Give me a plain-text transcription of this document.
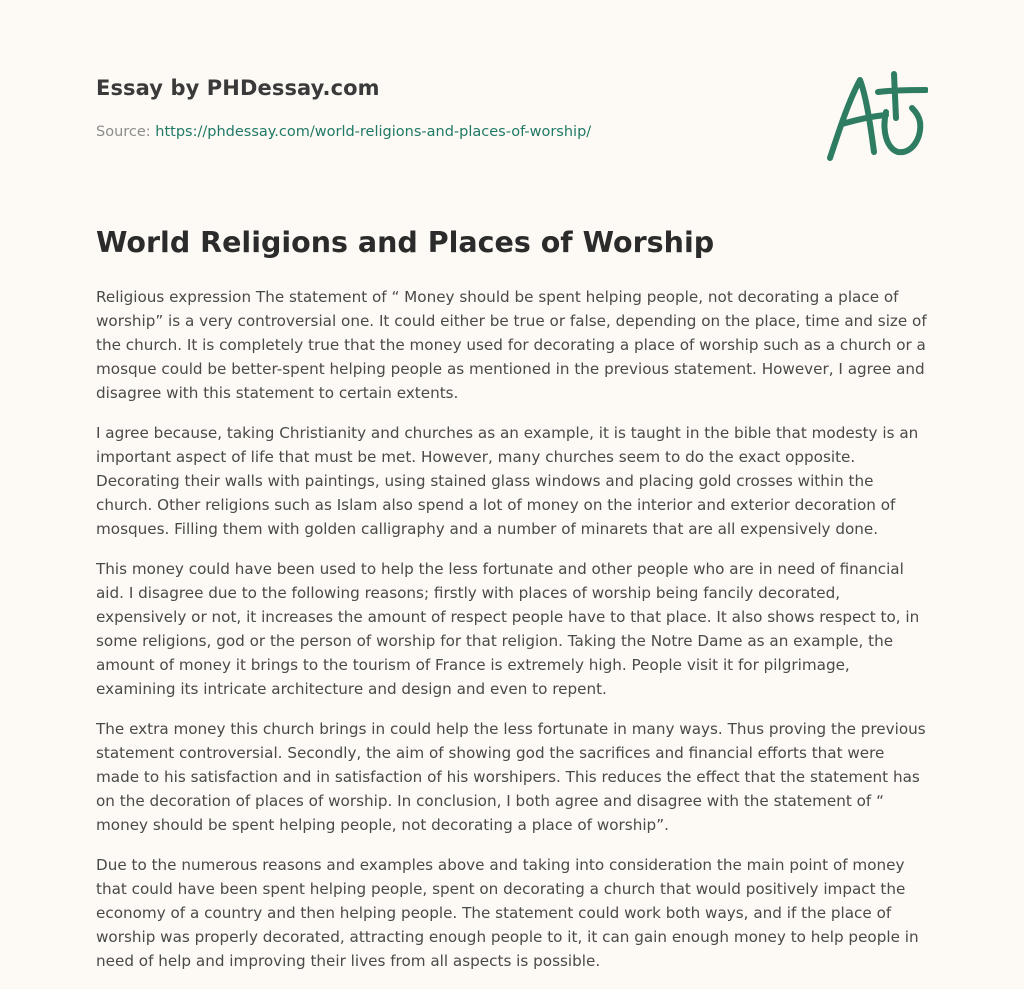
Essay by PHDessay.com
Source: https://phdessay.com/world-religions-and-places-of-worship/
World Religions and Places of Worship

Religious expression The statement of “ Money should be spent helping people, not decorating a place of worship” is a very controversial one. It could either be true or false, depending on the place, time and size of the church. It is completely true that the money used for decorating a place of worship such as a church or a mosque could be better-spent helping people as mentioned in the previous statement. However, I agree and disagree with this statement to certain extents.

I agree because, taking Christianity and churches as an example, it is taught in the bible that modesty is an important aspect of life that must be met. However, many churches seem to do the exact opposite. Decorating their walls with paintings, using stained glass windows and placing gold crosses within the church. Other religions such as Islam also spend a lot of money on the interior and exterior decoration of mosques. Filling them with golden calligraphy and a number of minarets that are all expensively done.

This money could have been used to help the less fortunate and other people who are in need of financial aid. I disagree due to the following reasons; firstly with places of worship being fancily decorated, expensively or not, it increases the amount of respect people have to that place. It also shows respect to, in some religions, god or the person of worship for that religion. Taking the Notre Dame as an example, the amount of money it brings to the tourism of France is extremely high. People visit it for pilgrimage, examining its intricate architecture and design and even to repent.

The extra money this church brings in could help the less fortunate in many ways. Thus proving the previous statement controversial. Secondly, the aim of showing god the sacrifices and financial efforts that were made to his satisfaction and in satisfaction of his worshipers. This reduces the effect that the statement has on the decoration of places of worship. In conclusion, I both agree and disagree with the statement of “ money should be spent helping people, not decorating a place of worship”.

Due to the numerous reasons and examples above and taking into consideration the main point of money that could have been spent helping people, spent on decorating a church that would positively impact the economy of a country and then helping people. The statement could work both ways, and if the place of worship was properly decorated, attracting enough people to it, it can gain enough money to help people in need of help and improving their lives from all aspects is possible.
